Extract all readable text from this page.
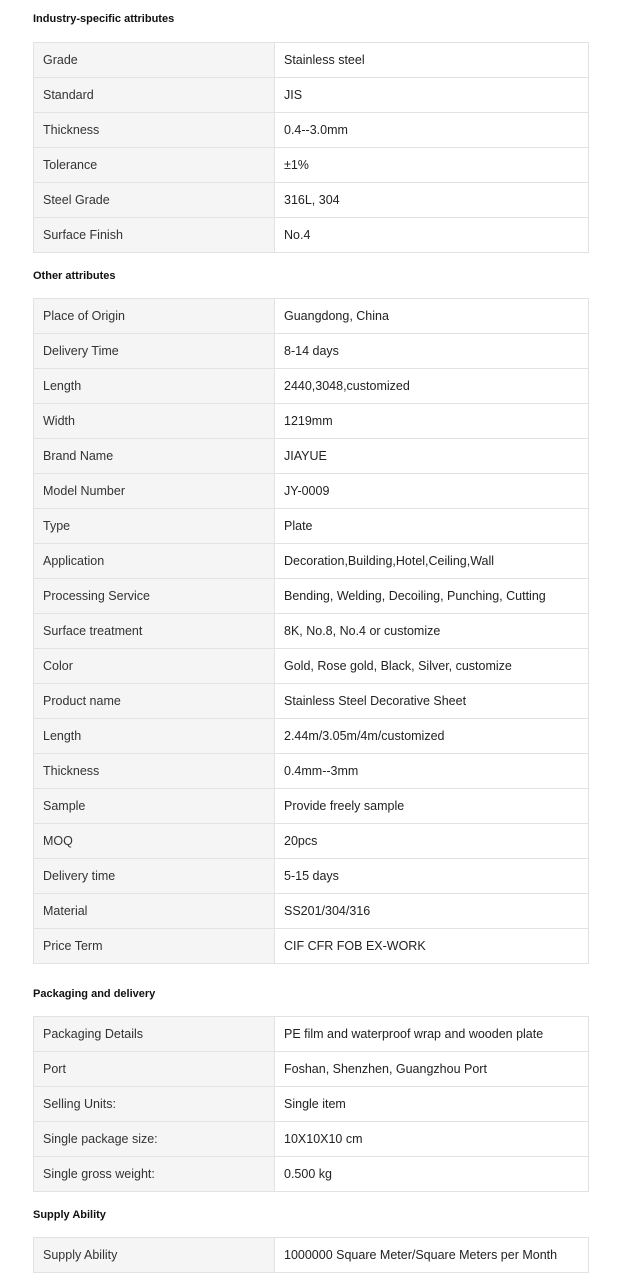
Industry-specific attributes
Grade	Stainless steel
Standard	JIS
Thickness	0.4--3.0mm
Tolerance	±1%
Steel Grade	316L, 304
Surface Finish	No.4
Other attributes
Place of Origin	Guangdong, China
Delivery Time	8-14 days
Length	2440,3048,customized
Width	1219mm
Brand Name	JIAYUE
Model Number	JY-0009
Type	Plate
Application	Decoration,Building,Hotel,Ceiling,Wall
Processing Service	Bending, Welding, Decoiling, Punching, Cutting
Surface treatment	8K, No.8, No.4 or customize
Color	Gold, Rose gold, Black, Silver, customize
Product name	Stainless Steel Decorative Sheet
Length	2.44m/3.05m/4m/customized
Thickness	0.4mm--3mm
Sample	Provide freely sample
MOQ	20pcs
Delivery time	5-15 days
Material	SS201/304/316
Price Term	CIF CFR FOB EX-WORK
Packaging and delivery
Packaging Details	PE film and waterproof wrap and wooden plate
Port	Foshan, Shenzhen, Guangzhou Port
Selling Units:	Single item
Single package size:	10X10X10 cm
Single gross weight:	0.500 kg
Supply Ability
Supply Ability	1000000 Square Meter/Square Meters per Month
